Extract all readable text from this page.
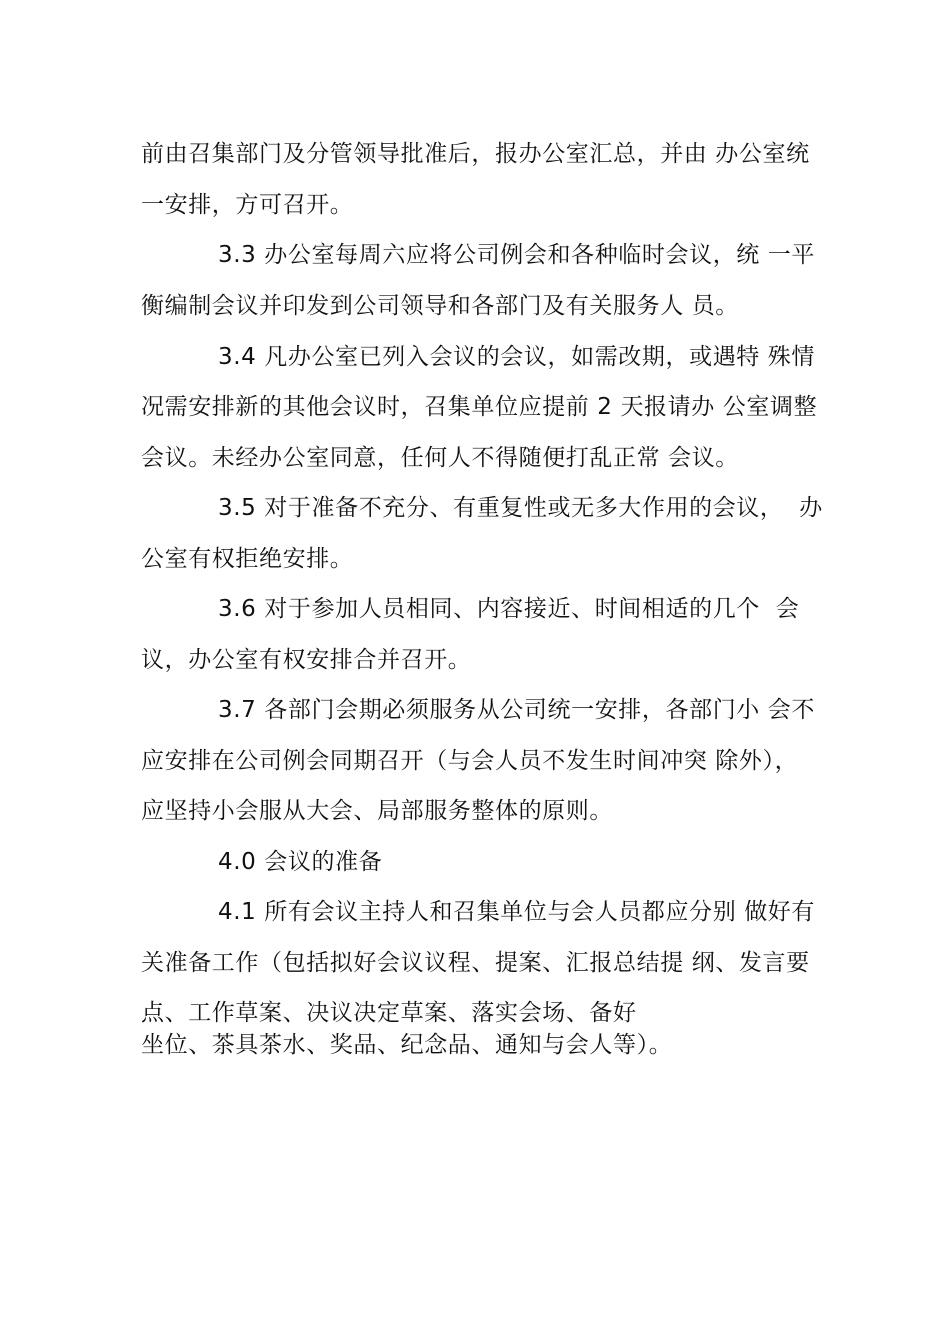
前由召集部门及分管领导批准后，报办公室汇总，并由 办公室统
一安排，方可召开。
3.3 办公室每周六应将公司例会和各种临时会议，统 一平
衡编制会议并印发到公司领导和各部门及有关服务人 员。
3.4 凡办公室已列入会议的会议，如需改期，或遇特 殊情
况需安排新的其他会议时，召集单位应提前 2 天报请办 公室调整
会议。未经办公室同意，任何人不得随便打乱正常 会议。
3.5 对于准备不充分、有重复性或无多大作用的会议，  办
公室有权拒绝安排。
3.6 对于参加人员相同、内容接近、时间相适的几个  会
议，办公室有权安排合并召开。
3.7 各部门会期必须服务从公司统一安排，各部门小 会不
应安排在公司例会同期召开（与会人员不发生时间冲突 除外），
应坚持小会服从大会、局部服务整体的原则。
4.0 会议的准备
4.1 所有会议主持人和召集单位与会人员都应分别 做好有
关准备工作（包括拟好会议议程、提案、汇报总结提 纲、发言要
点、工作草案、决议决定草案、落实会场、备好
坐位、茶具茶水、奖品、纪念品、通知与会人等）。
